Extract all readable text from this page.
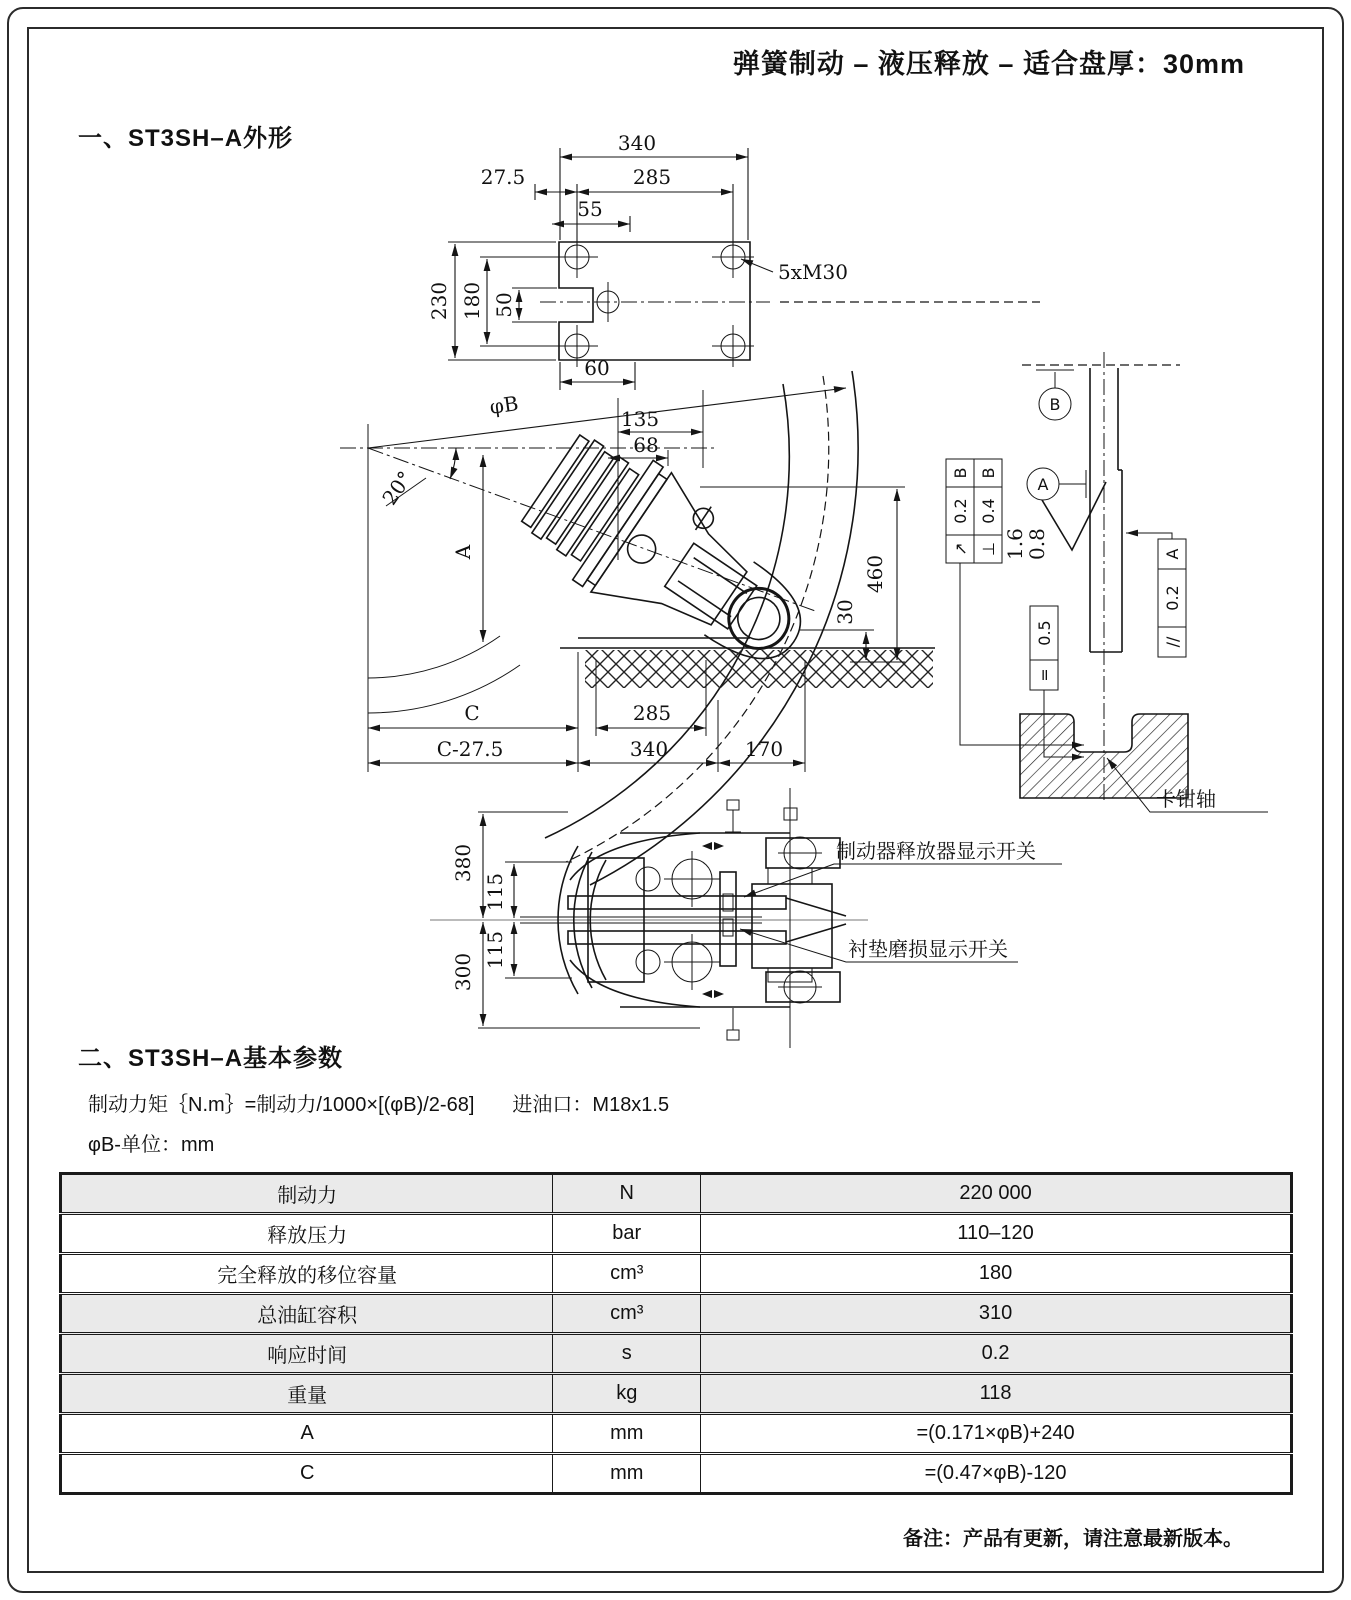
弹簧制动 – 液压释放 – 适合盘厚：30mm
一、ST3SH–A外形	340
27.5	285
55
230 180 50
60
5xM30
φB
20°
A
135
68
460
30
C	285
C-27.5	340	170
B
A
↗
0.2
B
⊥
0.4
B
1.6
0.8
//
0.2
A
=
0.5
卡钳轴
380
300
115
115
制动器释放器显示开关
衬垫磨损显示开关
二、ST3SH–A基本参数
制动力矩｛N.m｝=制动力/1000×[(φB)/2-68] 进油口：M18x1.5
φB-单位：mm
制动力	N	220 000
释放压力	bar	110–120
完全释放的移位容量	cm³	180
总油缸容积	cm³	310
响应时间	s	0.2
重量	kg	118
A	mm	=(0.171×φB)+240
C	mm	=(0.47×φB)-120
备注：产品有更新，请注意最新版本。
